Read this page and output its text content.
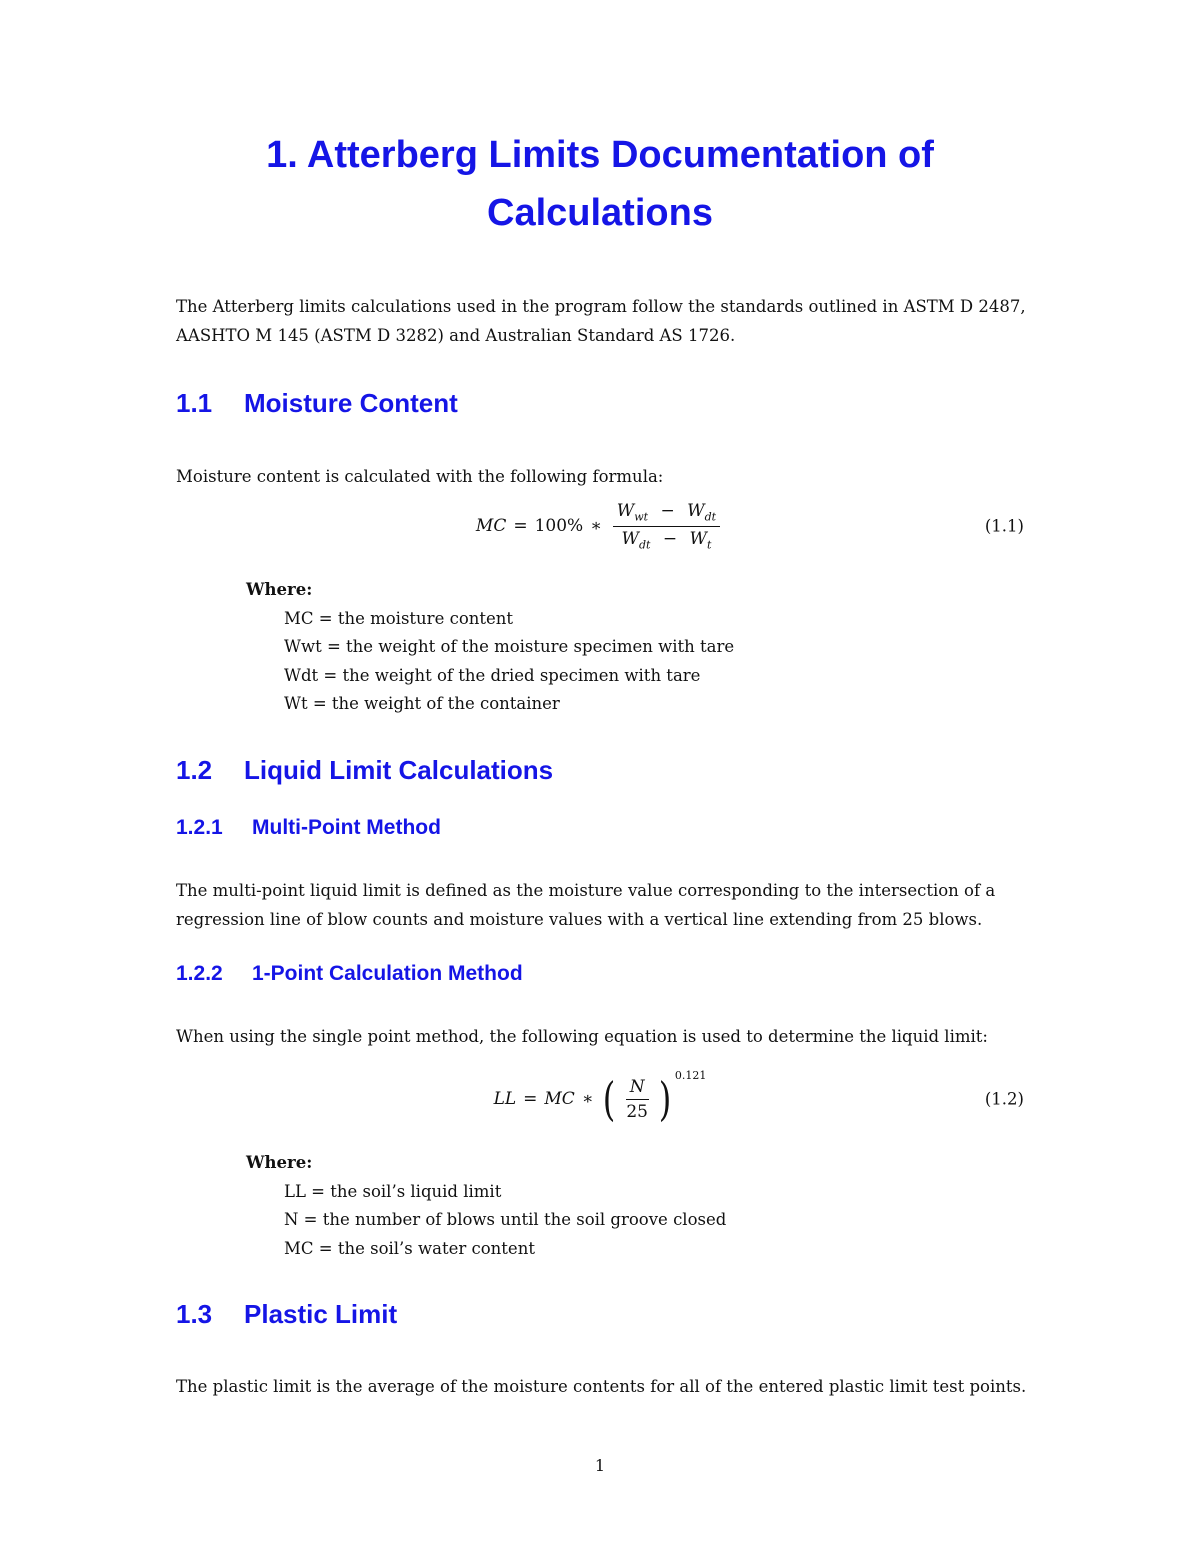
1. Atterberg Limits Documentation of Calculations

The Atterberg limits calculations used in the program follow the standards outlined in ASTM D 2487,
AASHTO M 145 (ASTM D 3282) and Australian Standard AS 1726.

1.1 Moisture Content

Moisture content is calculated with the following formula:

MC = 100% ∗ $\frac{W_{wt} - W_{dt}}{W_{dt} - W_t}$	(1.1)
Where:
MC = the moisture content
Wwt = the weight of the moisture specimen with tare
Wdt = the weight of the dried specimen with tare
Wt = the weight of the container
1.2 Liquid Limit Calculations
1.2.1 Multi-Point Method

The multi-point liquid limit is defined as the moisture value corresponding to the intersection of a
regression line of blow counts and moisture values with a vertical line extending from 25 blows.

1.2.2 1-Point Calculation Method

When using the single point method, the following equation is used to determine the liquid limit:

LL = MC ∗ ( $\frac{N}{25}$ ) 0.121
(1.2)
Where:
LL = the soil’s liquid limit
N = the number of blows until the soil groove closed
MC = the soil’s water content
1.3 Plastic Limit

The plastic limit is the average of the moisture contents for all of the entered plastic limit test points.

1
